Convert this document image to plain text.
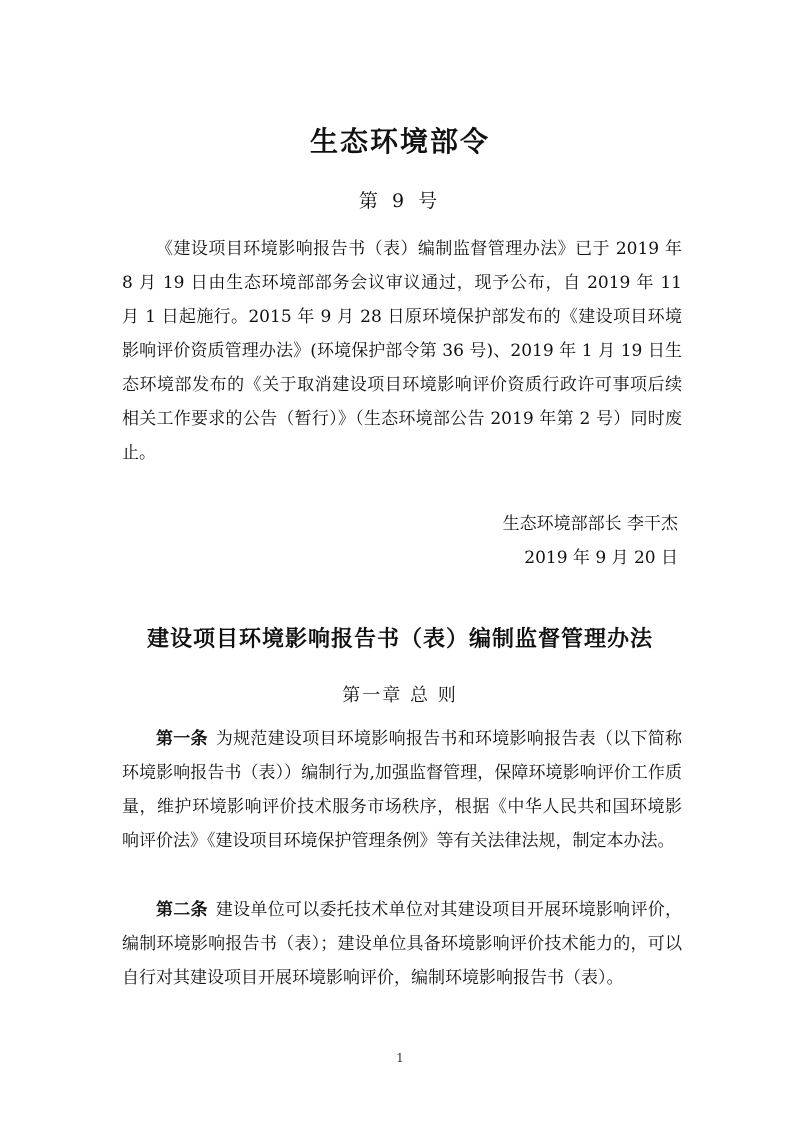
生态环境部令
第 9 号
《建设项目环境影响报告书（表）编制监督管理办法》已于 2019 年 8 月 19 日由生态环境部部务会议审议通过，现予公布，自 2019 年 11 月 1 日起施行。2015 年 9 月 28 日原环境保护部发布的《建设项目环境影响评价资质管理办法》(环境保护部令第 36 号)、2019 年 1 月 19 日生态环境部发布的《关于取消建设项目环境影响评价资质行政许可事项后续相关工作要求的公告（暂行）》（生态环境部公告 2019 年第 2 号）同时废止。
生态环境部部长 李干杰
2019 年 9 月 20 日
建设项目环境影响报告书（表）编制监督管理办法
第一章 总 则

第一条 为规范建设项目环境影响报告书和环境影响报告表（以下简称环境影响报告书（表））编制行为,加强监督管理，保障环境影响评价工作质量，维护环境影响评价技术服务市场秩序，根据《中华人民共和国环境影响评价法》《建设项目环境保护管理条例》等有关法律法规，制定本办法。

第二条 建设单位可以委托技术单位对其建设项目开展环境影响评价，编制环境影响报告书（表）；建设单位具备环境影响评价技术能力的，可以自行对其建设项目开展环境影响评价，编制环境影响报告书（表）。

1
